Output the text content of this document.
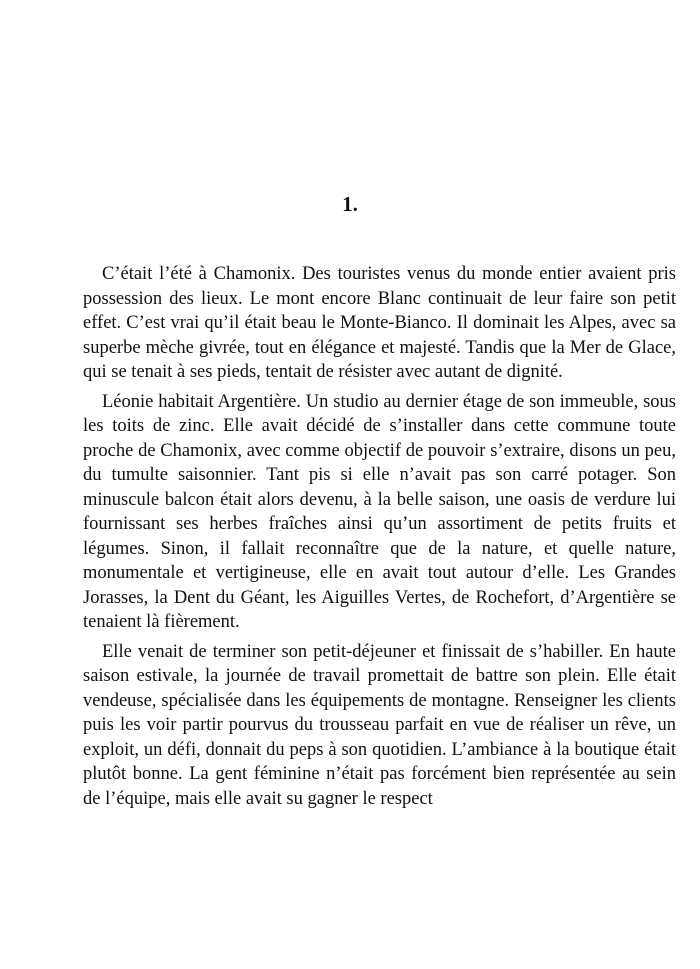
1.

C’était l’été à Chamonix. Des touristes venus du monde entier avaient pris possession des lieux. Le mont encore Blanc continuait de leur faire son petit effet. C’est vrai qu’il était beau le Monte-Bianco. Il dominait les Alpes, avec sa superbe mèche givrée, tout en élégance et majesté. Tandis que la Mer de Glace, qui se tenait à ses pieds, tentait de résister avec autant de dignité.

Léonie habitait Argentière. Un studio au dernier étage de son immeuble, sous les toits de zinc. Elle avait décidé de s’installer dans cette commune toute proche de Chamonix, avec comme objectif de pouvoir s’extraire, disons un peu, du tumulte saisonnier. Tant pis si elle n’avait pas son carré potager. Son minuscule balcon était alors devenu, à la belle saison, une oasis de verdure lui fournissant ses herbes fraîches ainsi qu’un assortiment de petits fruits et légumes. Sinon, il fallait reconnaître que de la nature, et quelle nature, monumentale et vertigineuse, elle en avait tout autour d’elle. Les Grandes Jorasses, la Dent du Géant, les Aiguilles Vertes, de Rochefort, d’Argentière se tenaient là fièrement.

Elle venait de terminer son petit-déjeuner et finissait de s’habiller. En haute saison estivale, la journée de travail promettait de battre son plein. Elle était vendeuse, spécialisée dans les équipements de montagne. Renseigner les clients puis les voir partir pourvus du trousseau parfait en vue de réaliser un rêve, un exploit, un défi, donnait du peps à son quotidien. L’ambiance à la boutique était plutôt bonne. La gent féminine n’était pas forcément bien représentée au sein de l’équipe, mais elle avait su gagner le respect
